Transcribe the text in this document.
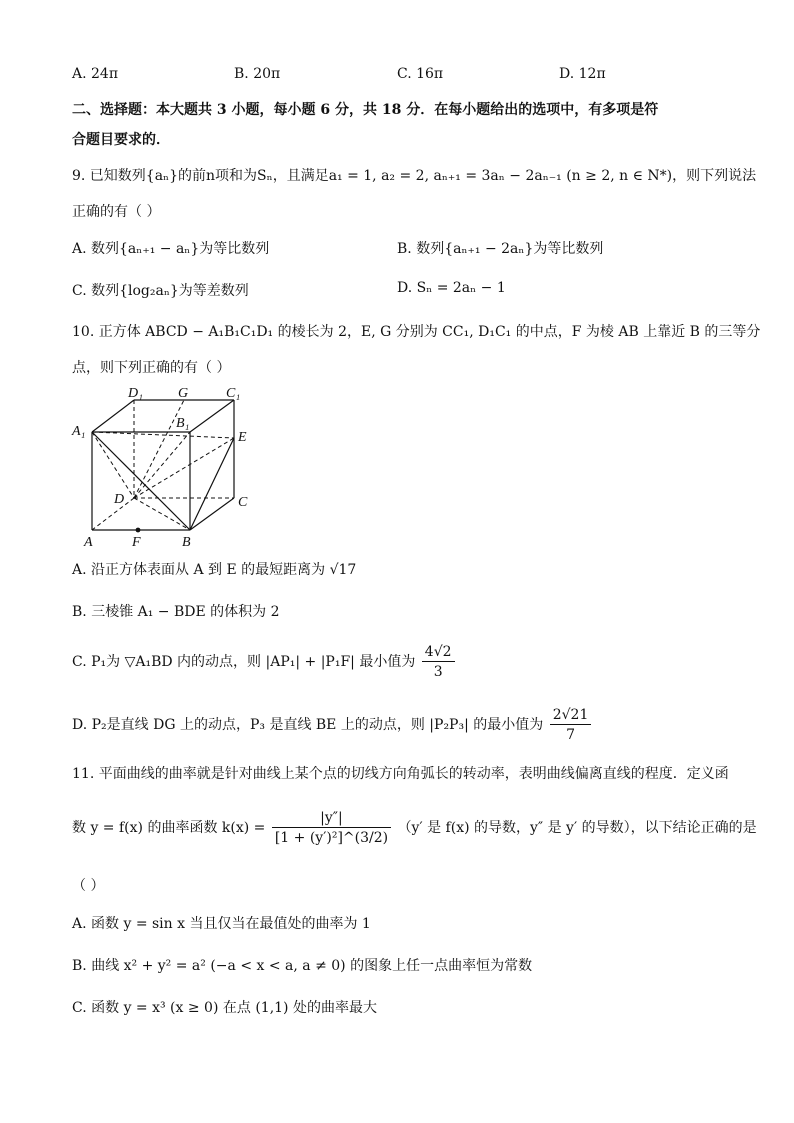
A. 24π	B. 20π	C. 16π	D. 12π
二、选择题：本大题共 3 小题，每小题 6 分，共 18 分．在每小题给出的选项中，有多项是符
合题目要求的．
9. 已知数列{aₙ}的前n项和为Sₙ，且满足a₁ = 1, a₂ = 2, aₙ₊₁ = 3aₙ − 2aₙ₋₁ (n ≥ 2, n ∈ N*)，则下列说法
正确的有（ ）
A. 数列{aₙ₊₁ − aₙ}为等比数列	B. 数列{aₙ₊₁ − 2aₙ}为等比数列
C. 数列{log₂aₙ}为等差数列	D. Sₙ = 2aₙ − 1
10. 正方体 ABCD − A₁B₁C₁D₁ 的棱长为 2，E, G 分别为 CC₁, D₁C₁ 的中点，F 为棱 AB 上靠近 B 的三等分
点，则下列正确的有（ ）
D₁	G	C₁
A₁
B₁
E
D	C
A	F	B
A. 沿正方体表面从 A 到 E 的最短距离为 √17
B. 三棱锥 A₁ − BDE 的体积为 2
C. P₁为 ▽A₁BD 内的动点，则 |AP₁| + |P₁F| 最小值为 $\frac{4√2}{3}$
D. P₂是直线 DG 上的动点，P₃ 是直线 BE 上的动点，则 |P₂P₃| 的最小值为 $\frac{2√21}{7}$
11. 平面曲线的曲率就是针对曲线上某个点的切线方向角弧长的转动率，表明曲线偏离直线的程度．定义函
数 y = f(x) 的曲率函数 $k(x) = \frac{|y''|}{\text{[1 + (y′)²]\textasciicircum{}(3/2)}} (y'$ 是 f(x) 的导数，y″ 是 y′ 的导数），以下结论正确的是
（ ）
A. 函数 y = sin x 当且仅当在最值处的曲率为 1
B. 曲线 x² + y² = a² (−a < x < a, a ≠ 0) 的图象上任一点曲率恒为常数
C. 函数 y = x³ (x ≥ 0) 在点 (1,1) 处的曲率最大
